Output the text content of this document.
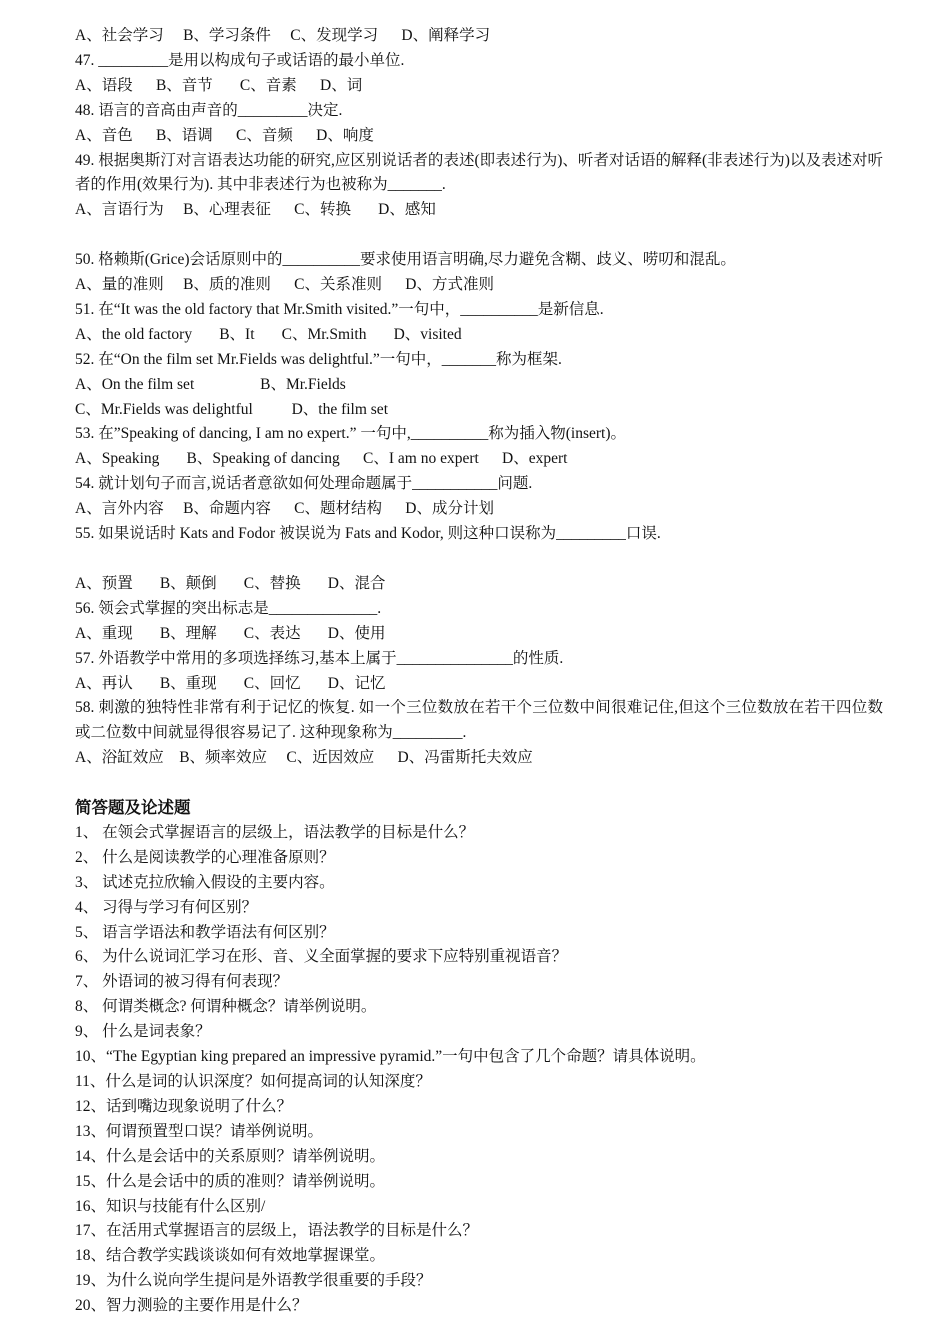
A、社会学习     B、学习条件     C、发现学习      D、阐释学习
47. _________是用以构成句子或话语的最小单位.
A、语段      B、音节       C、音素      D、词
48. 语言的音高由声音的_________决定.
A、音色      B、语调      C、音频      D、响度
49. 根据奥斯汀对言语表达功能的研究,应区别说话者的表述(即表述行为)、听者对话语的解释(非表述行为)以及表述对听者的作用(效果行为). 其中非表述行为也被称为_______.
A、言语行为     B、心理表征      C、转换       D、感知
50. 格赖斯(Grice)会话原则中的__________要求使用语言明确,尽力避免含糊、歧义、唠叨和混乱。
A、量的准则     B、质的准则      C、关系准则      D、方式准则
51. 在“It was the old factory that Mr.Smith visited.”一句中，__________是新信息.
A、the old factory       B、It       C、Mr.Smith       D、visited
52. 在“On the film set Mr.Fields was delightful.”一句中，_______称为框架.
A、On the film set                 B、Mr.Fields
C、Mr.Fields was delightful          D、the film set
53. 在”Speaking of dancing, I am no expert.” 一句中,__________称为插入物(insert)。
A、Speaking       B、Speaking of dancing      C、I am no expert      D、expert
54. 就计划句子而言,说话者意欲如何处理命题属于___________问题.
A、言外内容     B、命题内容      C、题材结构      D、成分计划
55. 如果说话时 Kats and Fodor 被误说为 Fats and Kodor, 则这种口误称为_________口误.
A、预置       B、颠倒       C、替换       D、混合
56. 领会式掌握的突出标志是______________.
A、重现       B、理解       C、表达       D、使用
57. 外语教学中常用的多项选择练习,基本上属于_______________的性质.
A、再认       B、重现       C、回忆       D、记忆
58. 刺激的独特性非常有利于记忆的恢复. 如一个三位数放在若干个三位数中间很难记住,但这个三位数放在若干四位数或二位数中间就显得很容易记了. 这种现象称为_________.
A、浴缸效应    B、频率效应     C、近因效应      D、冯雷斯托夫效应
简答题及论述题
1、 在领会式掌握语言的层级上，语法教学的目标是什么？
2、 什么是阅读教学的心理准备原则？
3、 试述克拉欣输入假设的主要内容。
4、 习得与学习有何区别？
5、 语言学语法和教学语法有何区别？
6、 为什么说词汇学习在形、音、义全面掌握的要求下应特别重视语音？
7、 外语词的被习得有何表现？
8、 何谓类概念? 何谓种概念？请举例说明。
9、 什么是词表象？
10、“The Egyptian king prepared an impressive pyramid.”一句中包含了几个命题？请具体说明。
11、什么是词的认识深度？如何提高词的认知深度？
12、话到嘴边现象说明了什么？
13、何谓预置型口误？请举例说明。
14、什么是会话中的关系原则？请举例说明。
15、什么是会话中的质的准则？请举例说明。
16、知识与技能有什么区别/
17、在活用式掌握语言的层级上，语法教学的目标是什么？
18、结合教学实践谈谈如何有效地掌握课堂。
19、为什么说向学生提问是外语教学很重要的手段？
20、智力测验的主要作用是什么？
